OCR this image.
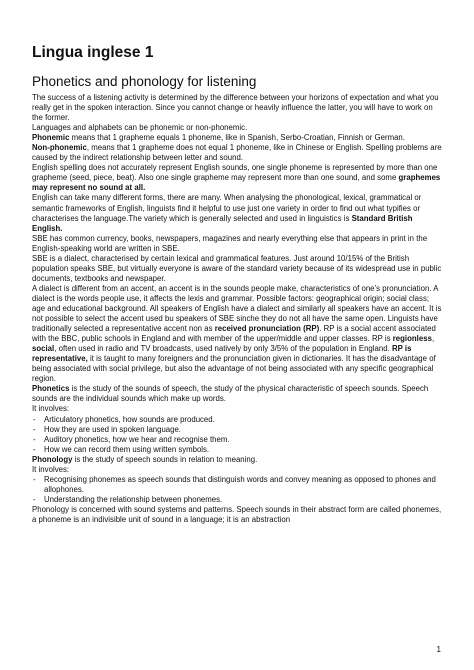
Lingua inglese 1
Phonetics and phonology for listening

The success of a listening activity is determined by the difference between your horizons of expectation and what you really get in the spoken interaction. Since you cannot change or heavily influence the latter, you will have to work on the former.

Languages and alphabets can be phonemic or non-phonemic.

Phonemic means that 1 grapheme equals 1 phoneme, like in Spanish, Serbo-Croatian, Finnish or German.

Non-phonemic, means that 1 grapheme does not equal 1 phoneme, like in Chinese or English. Spelling problems are caused by the indirect relationship between letter and sound.

English spelling does not accurately represent English sounds, one single phoneme is represented by more than one grapheme (seed, piece, beat). Also one single grapheme may represent more than one sound, and some graphemes may represent no sound at all.

English can take many different forms, there are many. When analysing the phonological, lexical, grammatical or semantic frameworks of English, linguists find it helpful to use just one variety in order to find out what typifies or characterises the language.The variety which is generally selected and used in linguistics is Standard British English.

SBE has common currency, books, newspapers, magazines and nearly everything else that appears in print in the English-speaking world are written in SBE.

SBE is a dialect, characterised by certain lexical and grammatical features. Just around 10/15% of the British population speaks SBE, but virtually everyone is aware of the standard variety because of its widespread use in public documents, textbooks and newspaper.

A dialect is different from an accent, an accent is in the sounds people make, characteristics of one’s pronunciation. A dialect is the words people use, it affects the lexis and grammar. Possible factors: geographical origin; social class; age and educational background. All speakers of English have a dialect and similarly all speakers have an accent. It is not possible to select the accent used bu speakers of SBE sinche they do not all have the same open. Linguists have traditionally selected a representative accent non as received pronunciation (RP). RP is a social accent associated with the BBC, public schools in England and with member of the upper/middle and upper classes. RP is regionless, social, often used in radio and TV broadcasts, used natively by only 3/5% of the population in England. RP is representative, it is taught to many foreigners and the pronunciation given in dictionaries. It has the disadvantage of being associated with social privilege, but also the advantage of not being associated with any specific geographical region.

Phonetics is the study of the sounds of speech, the study of the physical characteristic of speech sounds. Speech sounds are the individual sounds which make up words.

It involves:

- Articulatory phonetics, how sounds are produced.
- How they are used in spoken language.
- Auditory phonetics, how we hear and recognise them.
- How we can record them using written symbols.

Phonology is the study of speech sounds in relation to meaning.

It involves:

- Recognising phonemes as speech sounds that distinguish words and convey meaning as opposed to phones and allophones.
- Understanding the relationship between phonemes.

Phonology is concerned with sound systems and patterns. Speech sounds in their abstract form are called phonemes, a phoneme is an indivisible unit of sound in a language; it is an abstraction

1
